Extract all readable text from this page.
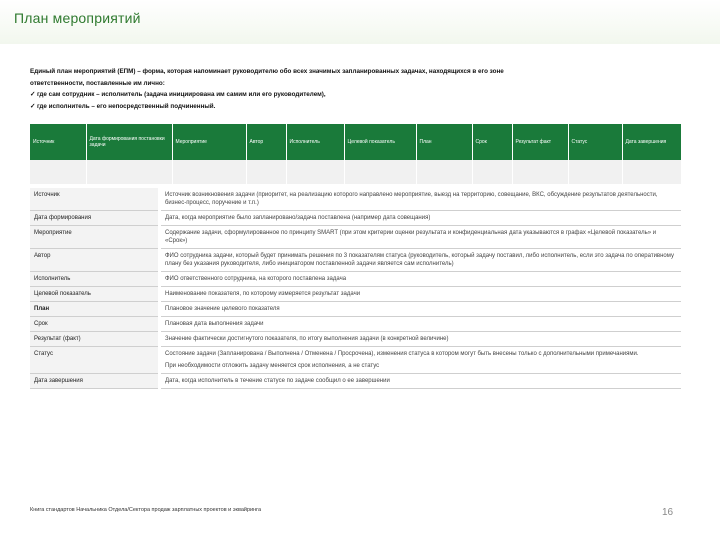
План мероприятий
Единый план мероприятий (ЕПМ) – форма, которая напоминает руководителю обо всех значимых запланированных задачах, находящихся в его зоне
ответственности, поставленные им лично:
✓ где сам сотрудник – исполнитель (задача инициирована им самим или его руководителем),
✓ где исполнитель – его непосредственный подчиненный.
Источник	Дата формирования постановки задачи	Мероприятие	Автор	Исполнитель	Целевой показатель	План	Срок	Результат факт	Статус	Дата завершения

Источник		Источник возникновения задачи (приоритет, на реализацию которого направлено мероприятие, выезд на территорию, совещание, ВКС, обсуждение результатов деятельности, бизнес-процесс, поручение и т.п.)
Дата формирования		Дата, когда мероприятие было запланировано/задача поставлена (например дата совещания)
Мероприятие		Содержание задачи, сформулированное по принципу SMART (при этом критерии оценки результата и конфиденциальная дата указываются в графах «Целевой показатель» и «Срок»)
Автор		ФИО сотрудника задачи, который будет принимать решения по 3 показателям статуса (руководитель, который задачу поставил, либо исполнитель, если это задача по оперативному плану без указания руководителя, либо инициатором поставленной задачи является сам исполнитель)
Исполнитель		ФИО ответственного сотрудника, на которого поставлена задача
Целевой показатель		Наименование показателя, по которому измеряется результат задачи
План		Плановое значение целевого показателя
Срок		Плановая дата выполнения задачи
Результат (факт)		Значение фактически достигнутого показателя, по итогу выполнения задачи (в конкретной величине)
Статус		Состояние задачи (Запланирована / Выполнена / Отменена / Просрочена), изменения статуса в котором могут быть внесены только с дополнительными примечаниями.
При необходимости отложить задачу меняется срок исполнения, а не статус

Дата завершения		Дата, когда исполнитель в течение статусе по задаче сообщил о ее завершении
Книга стандартов Начальника Отдела/Сектора продаж зарплатных проектов и эквайринга	16
